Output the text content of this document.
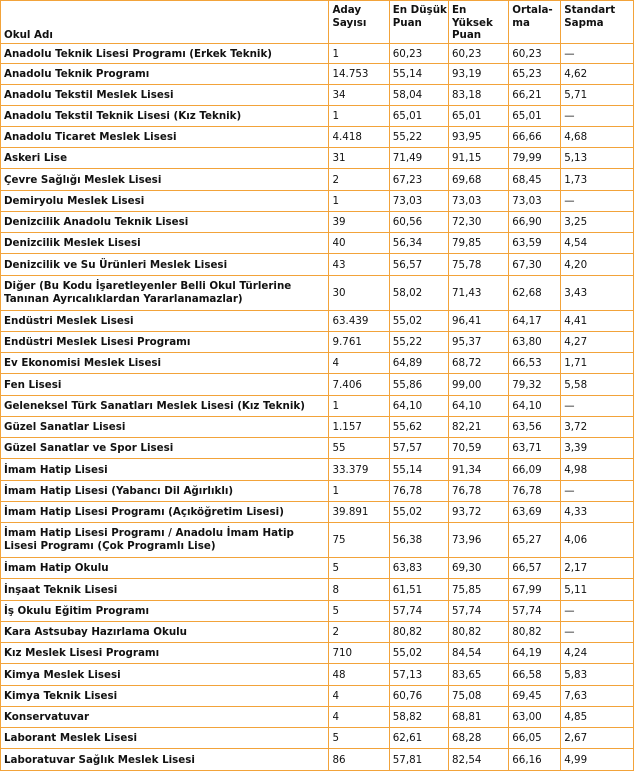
Okul Adı	Aday Sayısı	En Düşük Puan	En Yüksek Puan	Ortala-ma	Standart Sapma
Anadolu Teknik Lisesi Programı (Erkek Teknik)	1	60,23	60,23	60,23	—
Anadolu Teknik Programı	14.753	55,14	93,19	65,23	4,62
Anadolu Tekstil Meslek Lisesi	34	58,04	83,18	66,21	5,71
Anadolu Tekstil Teknik Lisesi (Kız Teknik)	1	65,01	65,01	65,01	—
Anadolu Ticaret Meslek Lisesi	4.418	55,22	93,95	66,66	4,68
Askeri Lise	31	71,49	91,15	79,99	5,13
Çevre Sağlığı Meslek Lisesi	2	67,23	69,68	68,45	1,73
Demiryolu Meslek Lisesi	1	73,03	73,03	73,03	—
Denizcilik Anadolu Teknik Lisesi	39	60,56	72,30	66,90	3,25
Denizcilik Meslek Lisesi	40	56,34	79,85	63,59	4,54
Denizcilik ve Su Ürünleri Meslek Lisesi	43	56,57	75,78	67,30	4,20
Diğer (Bu Kodu İşaretleyenler Belli Okul Türlerine Tanınan Ayrıcalıklardan Yararlanamazlar)	30	58,02	71,43	62,68	3,43
Endüstri Meslek Lisesi	63.439	55,02	96,41	64,17	4,41
Endüstri Meslek Lisesi Programı	9.761	55,22	95,37	63,80	4,27
Ev Ekonomisi Meslek Lisesi	4	64,89	68,72	66,53	1,71
Fen Lisesi	7.406	55,86	99,00	79,32	5,58
Geleneksel Türk Sanatları Meslek Lisesi (Kız Teknik)	1	64,10	64,10	64,10	—
Güzel Sanatlar Lisesi	1.157	55,62	82,21	63,56	3,72
Güzel Sanatlar ve Spor Lisesi	55	57,57	70,59	63,71	3,39
İmam Hatip Lisesi	33.379	55,14	91,34	66,09	4,98
İmam Hatip Lisesi (Yabancı Dil Ağırlıklı)	1	76,78	76,78	76,78	—
İmam Hatip Lisesi Programı (Açıköğretim Lisesi)	39.891	55,02	93,72	63,69	4,33
İmam Hatip Lisesi Programı / Anadolu İmam Hatip Lisesi Programı (Çok Programlı Lise)	75	56,38	73,96	65,27	4,06
İmam Hatip Okulu	5	63,83	69,30	66,57	2,17
İnşaat Teknik Lisesi	8	61,51	75,85	67,99	5,11
İş Okulu Eğitim Programı	5	57,74	57,74	57,74	—
Kara Astsubay Hazırlama Okulu	2	80,82	80,82	80,82	—
Kız Meslek Lisesi Programı	710	55,02	84,54	64,19	4,24
Kimya Meslek Lisesi	48	57,13	83,65	66,58	5,83
Kimya Teknik Lisesi	4	60,76	75,08	69,45	7,63
Konservatuvar	4	58,82	68,81	63,00	4,85
Laborant Meslek Lisesi	5	62,61	68,28	66,05	2,67
Laboratuvar Sağlık Meslek Lisesi	86	57,81	82,54	66,16	4,99
